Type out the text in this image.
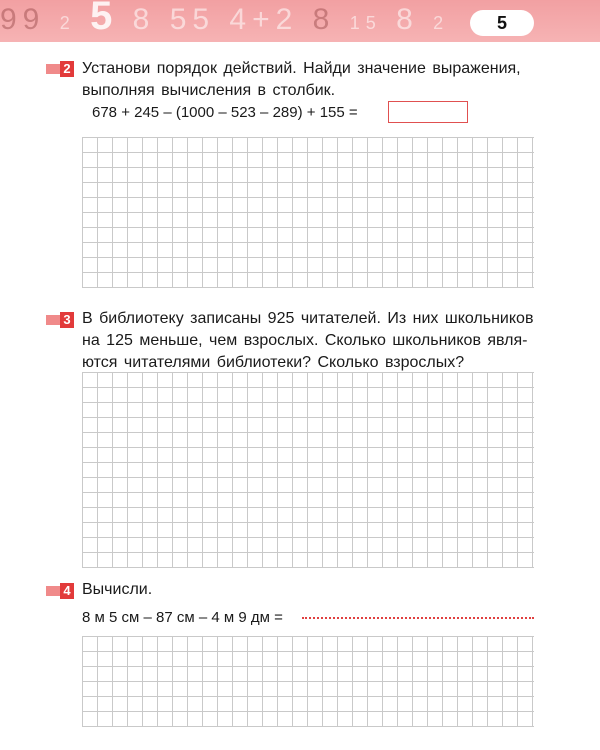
99 2 5 8 55 4+2 8 15 8 2	5
2 Установи порядок действий. Найди значение выражения,
выполняя вычисления в столбик.
678 + 245 – (1000 – 523 – 289) + 155 =
3 В библиотеку записаны 925 читателей. Из них школьников
на 125 меньше, чем взрослых. Сколько школьников явля-
ются читателями библиотеки? Сколько взрослых?
4 Вычисли.
8 м 5 см – 87 см – 4 м 9 дм =
